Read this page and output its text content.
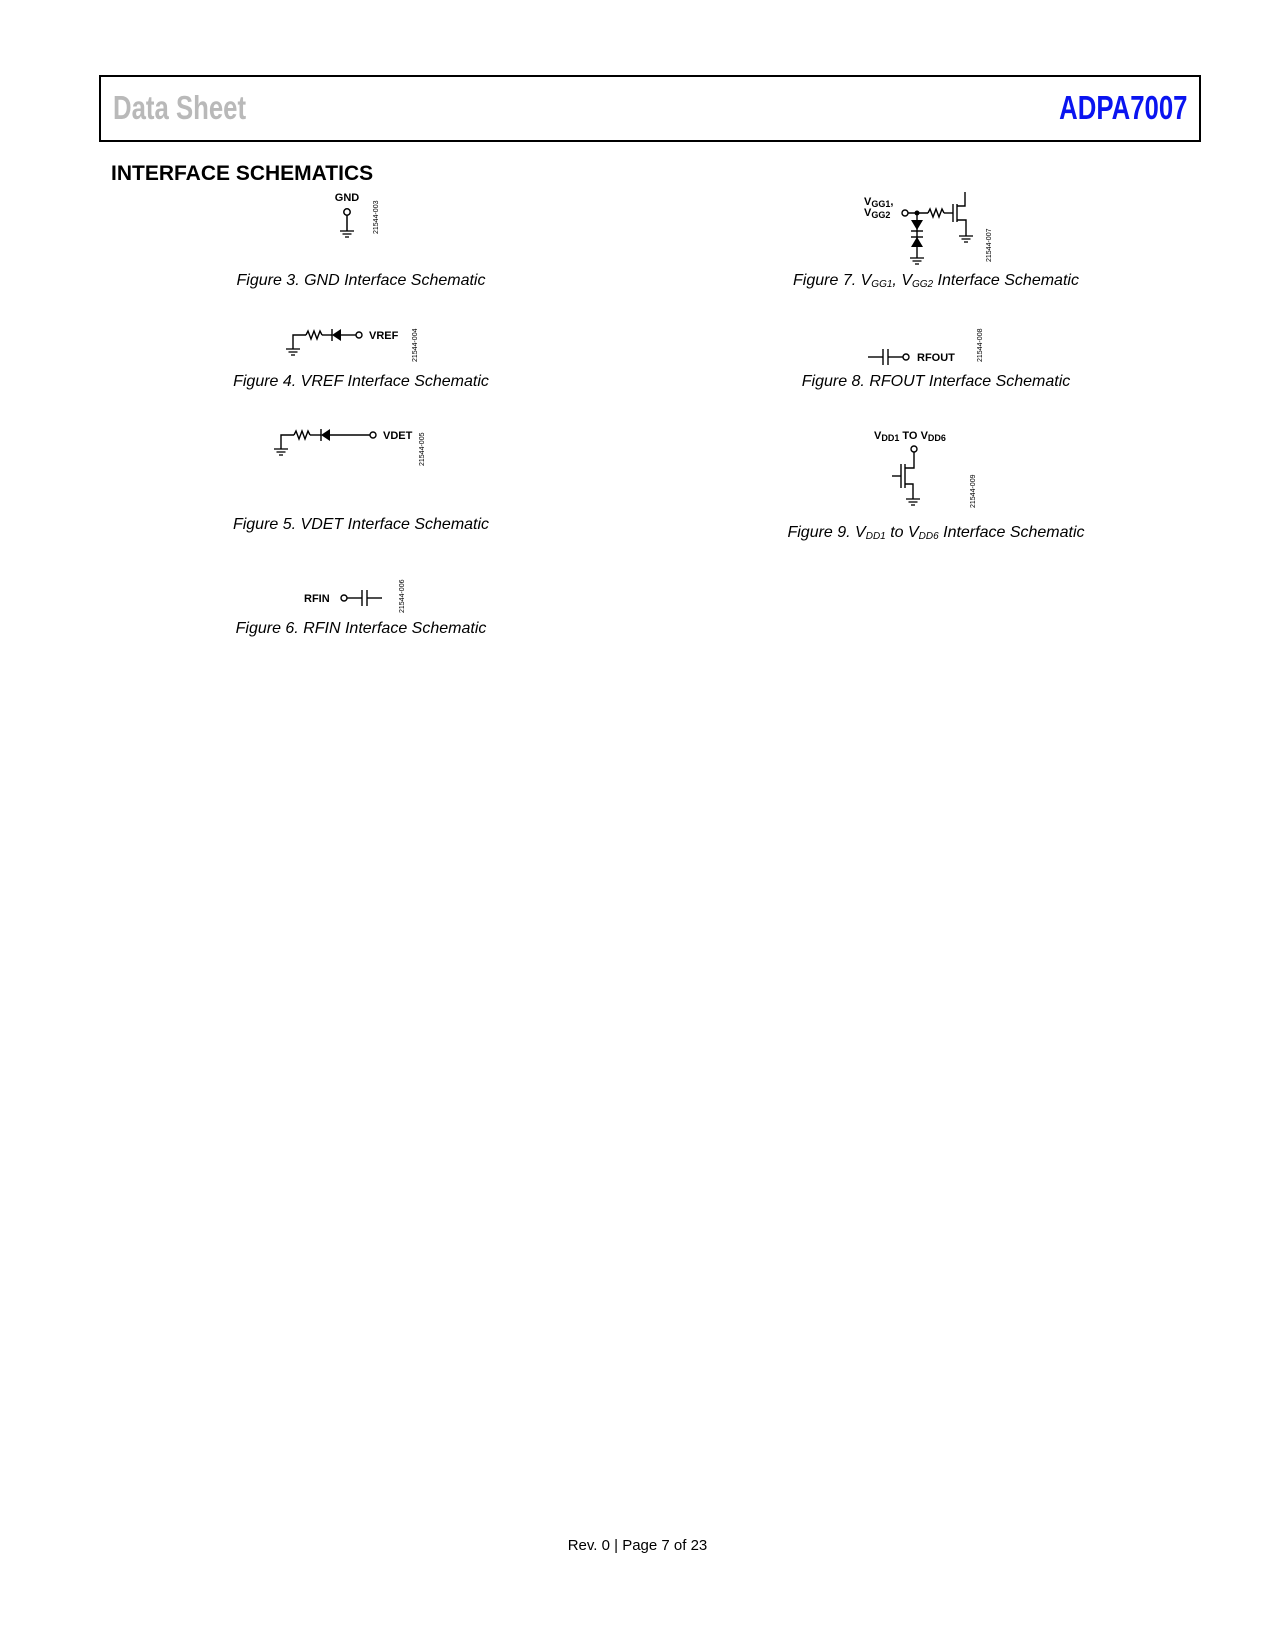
Data Sheet	ADPA7007
INTERFACE SCHEMATICS
GND
21544-003
Figure 3. GND Interface Schematic
VREF 21544-004
Figure 4. VREF Interface Schematic
VDET 21544-005
Figure 5. VDET Interface Schematic
RFIN	21544-006
Figure 6. RFIN Interface Schematic
VGG1,
VGG2
21544-007
Figure 7. $V_{GG1}$, $V_{GG2}$ Interface Schematic
RFOUT	21544-008
Figure 8. RFOUT Interface Schematic
VDD1 TO VDD6
21544-009
Figure 9. $V_{DD1}$ to $V_{DD6}$ Interface Schematic
Rev. 0 | Page 7 of 23
